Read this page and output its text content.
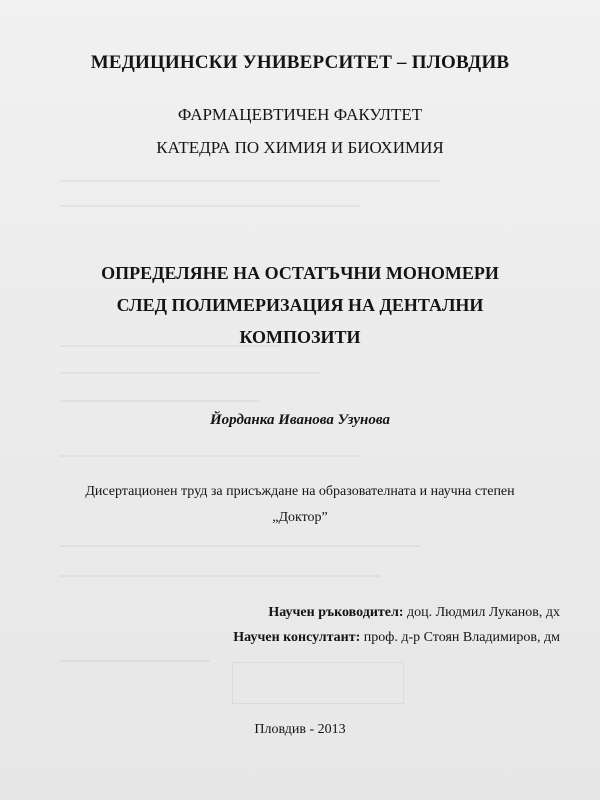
МЕДИЦИНСКИ УНИВЕРСИТЕТ – ПЛОВДИВ
ФАРМАЦЕВТИЧЕН ФАКУЛТЕТ
КАТЕДРА ПО ХИМИЯ И БИОХИМИЯ
ОПРЕДЕЛЯНЕ НА ОСТАТЪЧНИ МОНОМЕРИ
СЛЕД ПОЛИМЕРИЗАЦИЯ НА ДЕНТАЛНИ
КОМПОЗИТИ
Йорданка Иванова Узунова
Дисертационен труд за присъждане на образователната и научна степен
„Доктор”
Научен ръководител: доц. Людмил Луканов, дх
Научен консултант: проф. д-р Стоян Владимиров, дм
Пловдив - 2013
